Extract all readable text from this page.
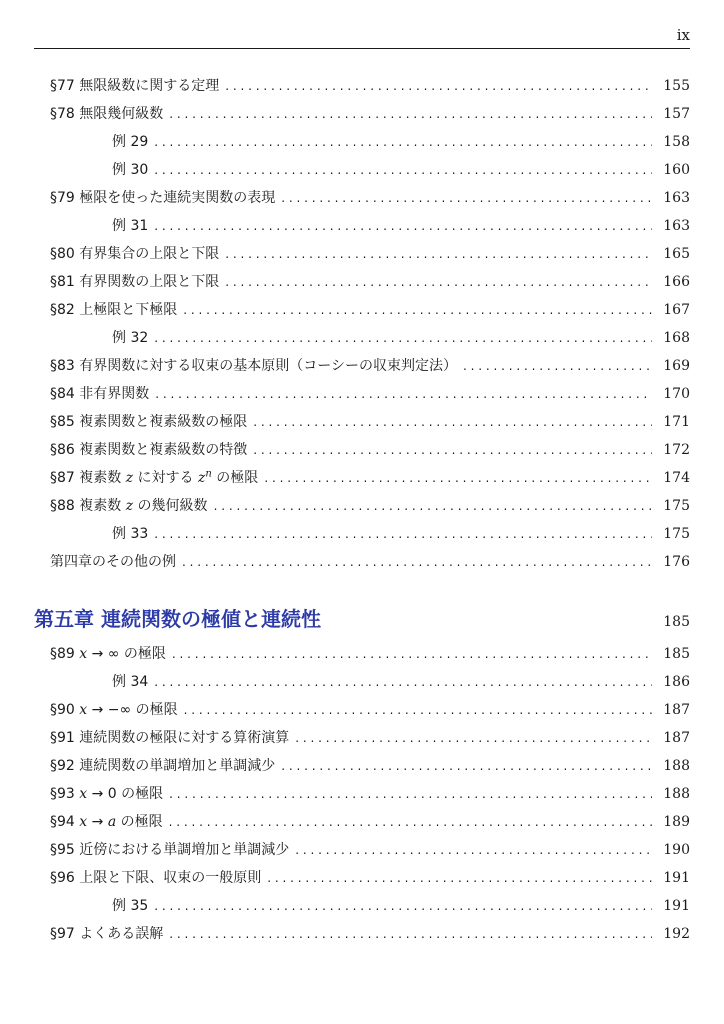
ix
§77 無限級数に関する定理 . . .	155
§78 無限幾何級数 . . .	157
例 29 . . .	158
例 30 . . .	160
§79 極限を使った連続実関数の表現 . . .	163
例 31 . . .	163
§80 有界集合の上限と下限 . . .	165
§81 有界関数の上限と下限 . . .	166
§82 上極限と下極限 . . .	167
例 32 . . .	168
§83 有界関数に対する収束の基本原則（コーシーの収束判定法） . . .	169
§84 非有界関数 . . .	170
§85 複素関数と複素級数の極限 . . .	171
§86 複素関数と複素級数の特徴 . . .	172
§87 複素数 z に対する $z^n$ の極限 . . .	174
§88 複素数 z の幾何級数 . . .	175
例 33 . . .	175
第四章のその他の例 . . .	176
第五章 連続関数の極値と連続性	185
§89 x → ∞ の極限 . . .	185
例 34 . . .	186
§90 x → −∞ の極限 . . .	187
§91 連続関数の極限に対する算術演算 . . .	187
§92 連続関数の単調増加と単調減少 . . .	188
§93 x → 0 の極限 . . .	188
§94 x → a の極限 . . .	189
§95 近傍における単調増加と単調減少 . . .	190
§96 上限と下限、収束の一般原則 . . .	191
例 35 . . .	191
§97 よくある誤解 . . .	192
